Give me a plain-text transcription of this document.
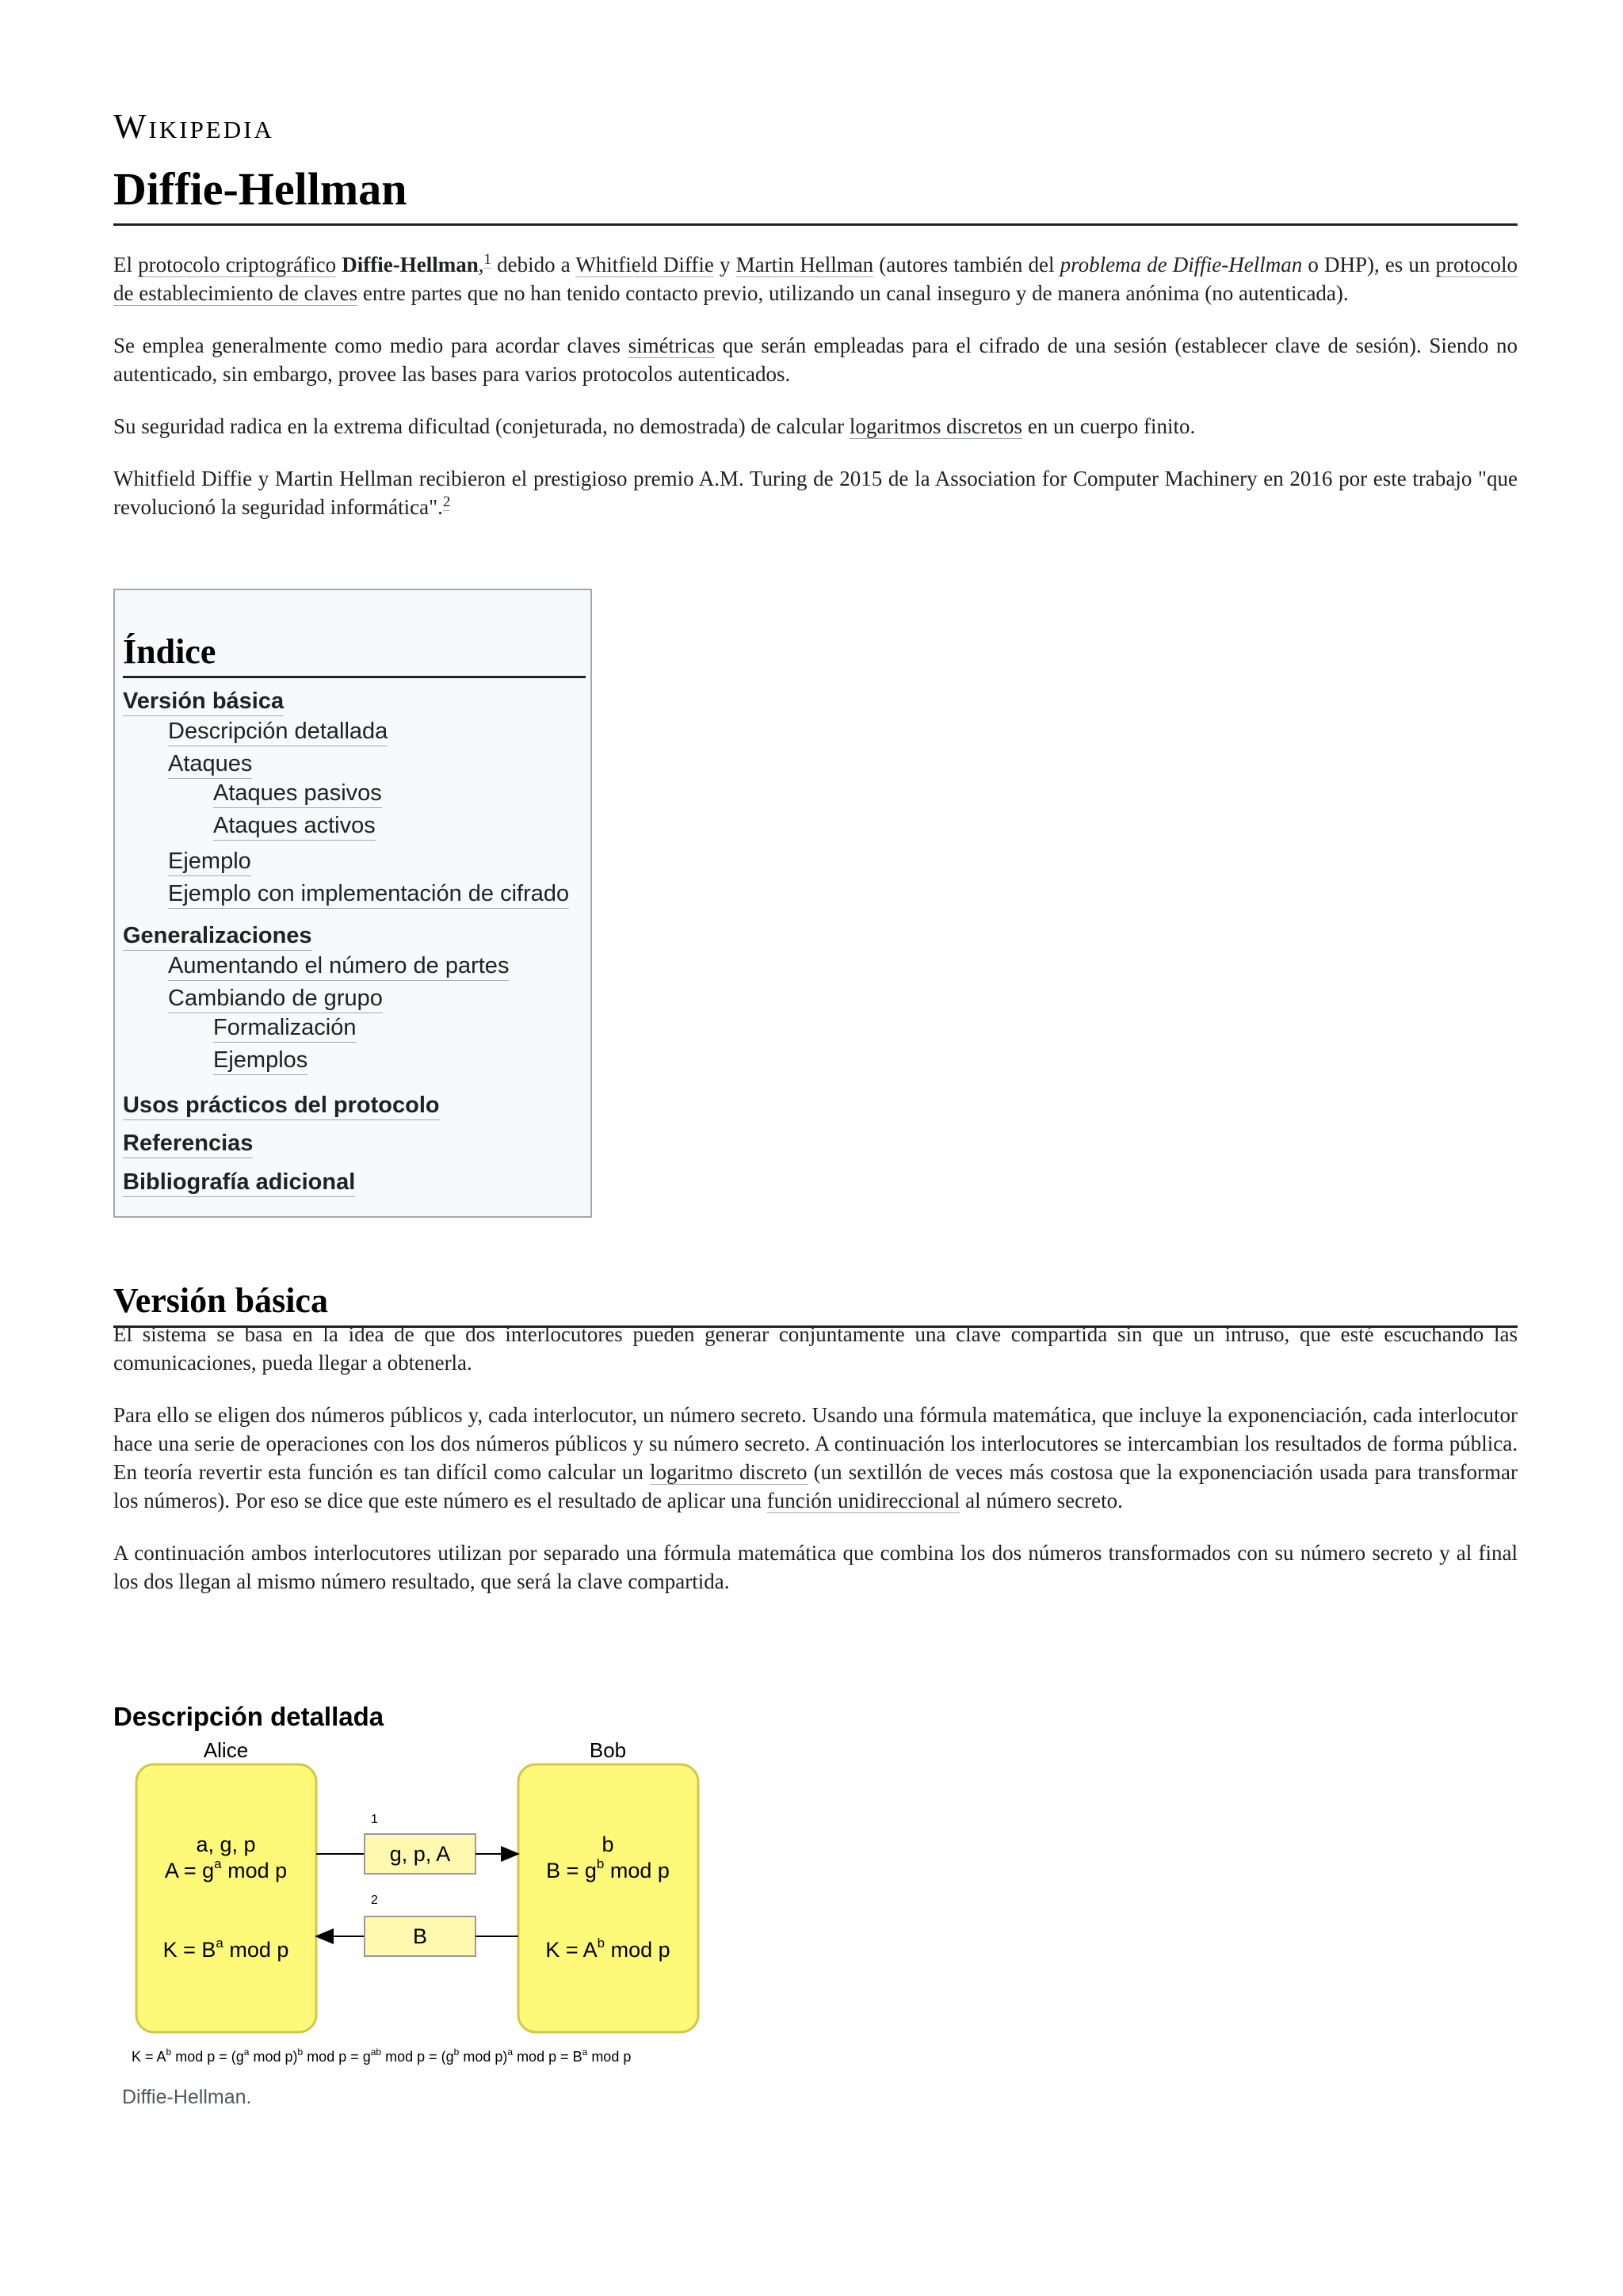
Wikipedia
Diffie-Hellman

El protocolo criptográfico Diffie-Hellman,$^1$ debido a Whitfield Diffie y Martin Hellman (autores también del problema de Diffie-Hellman o DHP), es un protocolo de establecimiento de claves entre partes que no han tenido contacto previo, utilizando un canal inseguro y de manera anónima (no autenticada).

Se emplea generalmente como medio para acordar claves simétricas que serán empleadas para el cifrado de una sesión (establecer clave de sesión). Siendo no autenticado, sin embargo, provee las bases para varios protocolos autenticados.

Su seguridad radica en la extrema dificultad (conjeturada, no demostrada) de calcular logaritmos discretos en un cuerpo finito.

Whitfield Diffie y Martin Hellman recibieron el prestigioso premio A.M. Turing de 2015 de la Association for Computer Machinery en 2016 por este trabajo "que revolucionó la seguridad informática".$^2$

Índice
Versión básica
Descripción detallada
Ataques
Ataques pasivos
Ataques activos
Ejemplo
Ejemplo con implementación de cifrado
Generalizaciones
Aumentando el número de partes
Cambiando de grupo
Formalización
Ejemplos
Usos prácticos del protocolo
Referencias
Bibliografía adicional
Versión básica

El sistema se basa en la idea de que dos interlocutores pueden generar conjuntamente una clave compartida sin que un intruso, que esté escuchando las comunicaciones, pueda llegar a obtenerla.

Para ello se eligen dos números públicos y, cada interlocutor, un número secreto. Usando una fórmula matemática, que incluye la exponenciación, cada interlocutor hace una serie de operaciones con los dos números públicos y su número secreto. A continuación los interlocutores se intercambian los resultados de forma pública. En teoría revertir esta función es tan difícil como calcular un logaritmo discreto (un sextillón de veces más costosa que la exponenciación usada para transformar los números). Por eso se dice que este número es el resultado de aplicar una función unidireccional al número secreto.

A continuación ambos interlocutores utilizan por separado una fórmula matemática que combina los dos números transformados con su número secreto y al final los dos llegan al mismo número resultado, que será la clave compartida.

Descripción detallada
Alice	Bob
a, g, p
$A = g^a$ mod p
$K = B^a$ mod p
b
$B = g^b$ mod p
$K = A^b$ mod p
1
g, p, A
2
B
$K = A^b$ mod $p = (g^a$ mod p)$^b$ mod $p = g^{ab}$ mod $p = (g^b$ mod p)$^a$ mod $p = B^a$ mod p
Diffie-Hellman.
